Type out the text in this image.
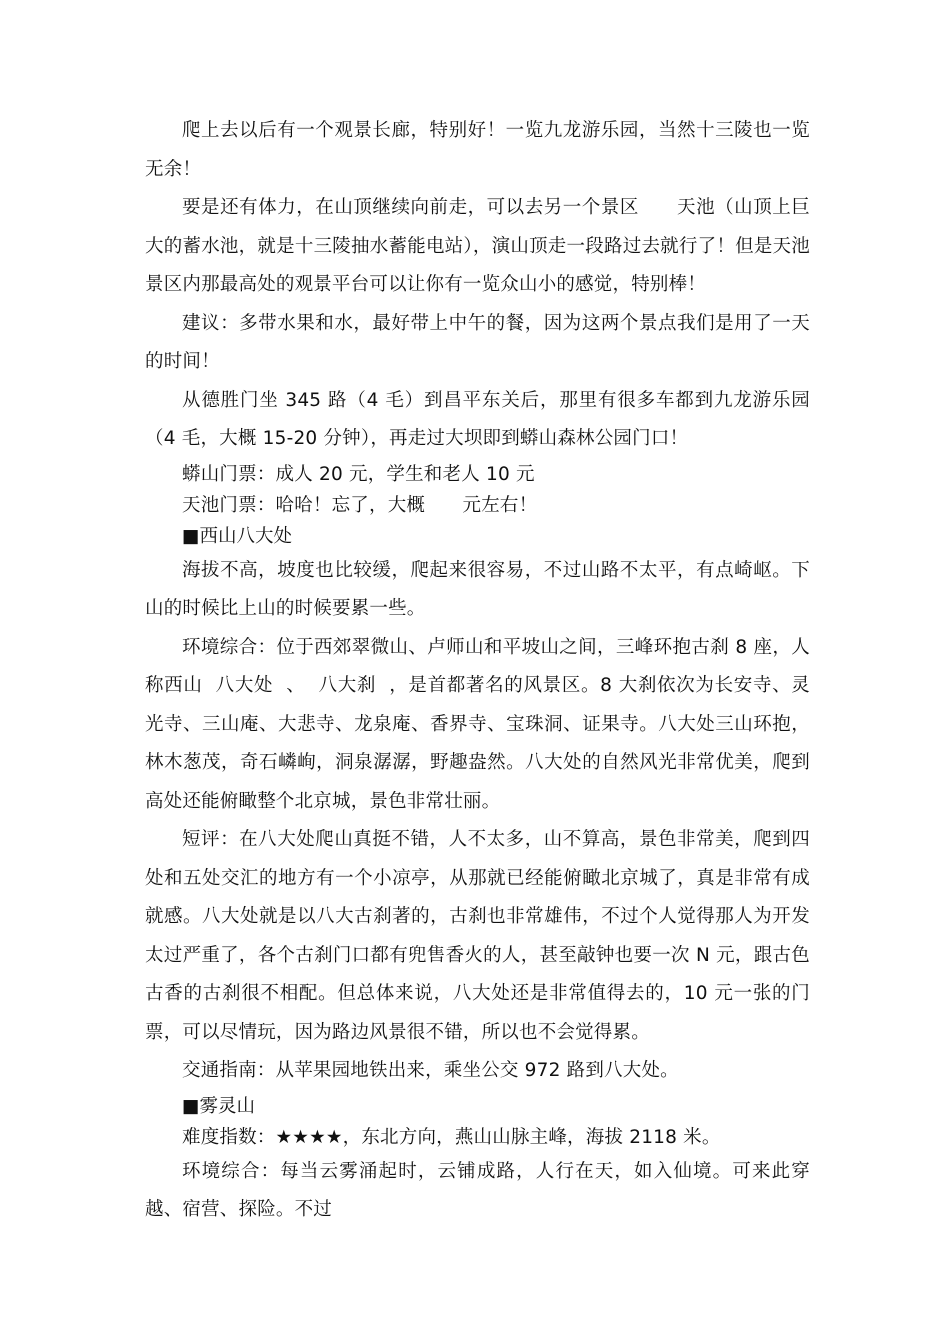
爬上去以后有一个观景长廊，特别好！一览九龙游乐园，当然十三陵也一览无余！

要是还有体力，在山顶继续向前走，可以去另一个景区　　天池（山顶上巨大的蓄水池，就是十三陵抽水蓄能电站），演山顶走一段路过去就行了！但是天池景区内那最高处的观景平台可以让你有一览众山小的感觉，特别棒！

建议：多带水果和水，最好带上中午的餐，因为这两个景点我们是用了一天的时间！

从德胜门坐 345 路（4 毛）到昌平东关后，那里有很多车都到九龙游乐园（4 毛，大概 15-20 分钟），再走过大坝即到蟒山森林公园门口！

蟒山门票：成人 20 元，学生和老人 10 元

天池门票：哈哈！忘了，大概　　元左右！

■西山八大处

海拔不高，坡度也比较缓，爬起来很容易，不过山路不太平，有点崎岖。下山的时候比上山的时候要累一些。

环境综合：位于西郊翠微山、卢师山和平坡山之间，三峰环抱古刹 8 座，人称西山  八大处  、  八大刹  ，是首都著名的风景区。8 大刹依次为长安寺、灵光寺、三山庵、大悲寺、龙泉庵、香界寺、宝珠洞、证果寺。八大处三山环抱，林木葱茂，奇石嶙峋，洞泉潺潺，野趣盎然。八大处的自然风光非常优美，爬到高处还能俯瞰整个北京城，景色非常壮丽。

短评：在八大处爬山真挺不错，人不太多，山不算高，景色非常美，爬到四处和五处交汇的地方有一个小凉亭，从那就已经能俯瞰北京城了，真是非常有成就感。八大处就是以八大古刹著的，古刹也非常雄伟，不过个人觉得那人为开发太过严重了，各个古刹门口都有兜售香火的人，甚至敲钟也要一次 N 元，跟古色古香的古刹很不相配。但总体来说，八大处还是非常值得去的，10 元一张的门票，可以尽情玩，因为路边风景很不错，所以也不会觉得累。

交通指南：从苹果园地铁出来，乘坐公交 972 路到八大处。

■雾灵山

难度指数：★★★★，东北方向，燕山山脉主峰，海拔 2118 米。

环境综合：每当云雾涌起时，云铺成路，人行在天，如入仙境。可来此穿越、宿营、探险。不过
